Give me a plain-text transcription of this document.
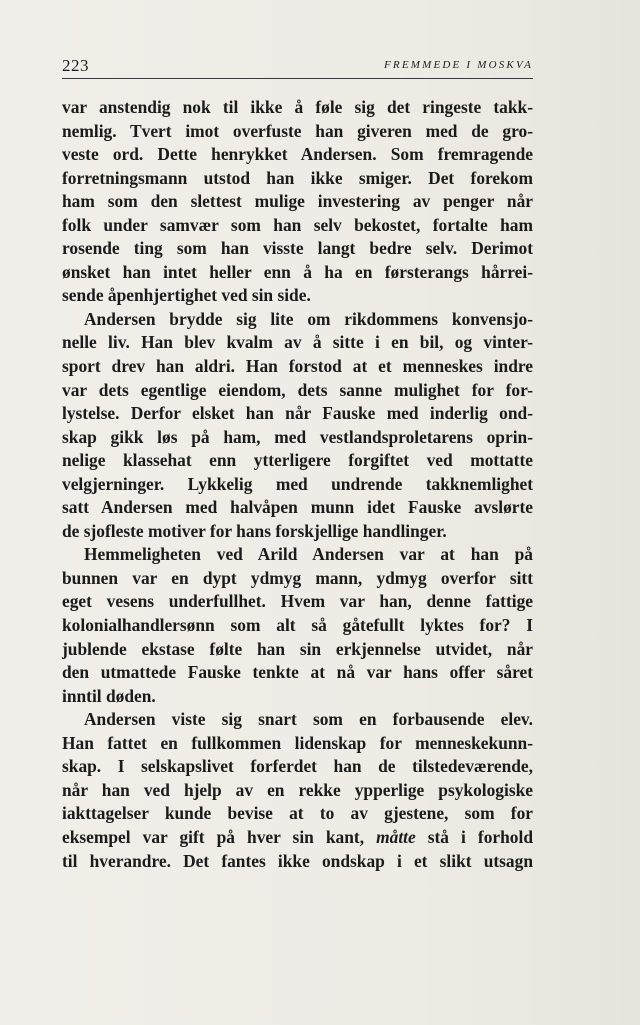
223	FREMMEDE I MOSKVA
var anstendig nok til ikke å føle sig det ringeste takk-
nemlig. Tvert imot overfuste han giveren med de gro-
veste ord. Dette henrykket Andersen. Som fremragende
forretningsmann utstod han ikke smiger. Det forekom
ham som den slettest mulige investering av penger når
folk under samvær som han selv bekostet, fortalte ham
rosende ting som han visste langt bedre selv. Derimot
ønsket han intet heller enn å ha en førsterangs hårrei-
sende åpenhjertighet ved sin side.
Andersen brydde sig lite om rikdommens konvensjo-
nelle liv. Han blev kvalm av å sitte i en bil, og vinter-
sport drev han aldri. Han forstod at et menneskes indre
var dets egentlige eiendom, dets sanne mulighet for for-
lystelse. Derfor elsket han når Fauske med inderlig ond-
skap gikk løs på ham, med vestlandsproletarens oprin-
nelige klassehat enn ytterligere forgiftet ved mottatte
velgjerninger. Lykkelig med undrende takknemlighet
satt Andersen med halvåpen munn idet Fauske avslørte
de sjofleste motiver for hans forskjellige handlinger.
Hemmeligheten ved Arild Andersen var at han på
bunnen var en dypt ydmyg mann, ydmyg overfor sitt
eget vesens underfullhet. Hvem var han, denne fattige
kolonialhandlersønn som alt så gåtefullt lyktes for? I
jublende ekstase følte han sin erkjennelse utvidet, når
den utmattede Fauske tenkte at nå var hans offer såret
inntil døden.
Andersen viste sig snart som en forbausende elev.
Han fattet en fullkommen lidenskap for menneskekunn-
skap. I selskapslivet forferdet han de tilstedeværende,
når han ved hjelp av en rekke ypperlige psykologiske
iakttagelser kunde bevise at to av gjestene, som for
eksempel var gift på hver sin kant, måtte stå i forhold
til hverandre. Det fantes ikke ondskap i et slikt utsagn
